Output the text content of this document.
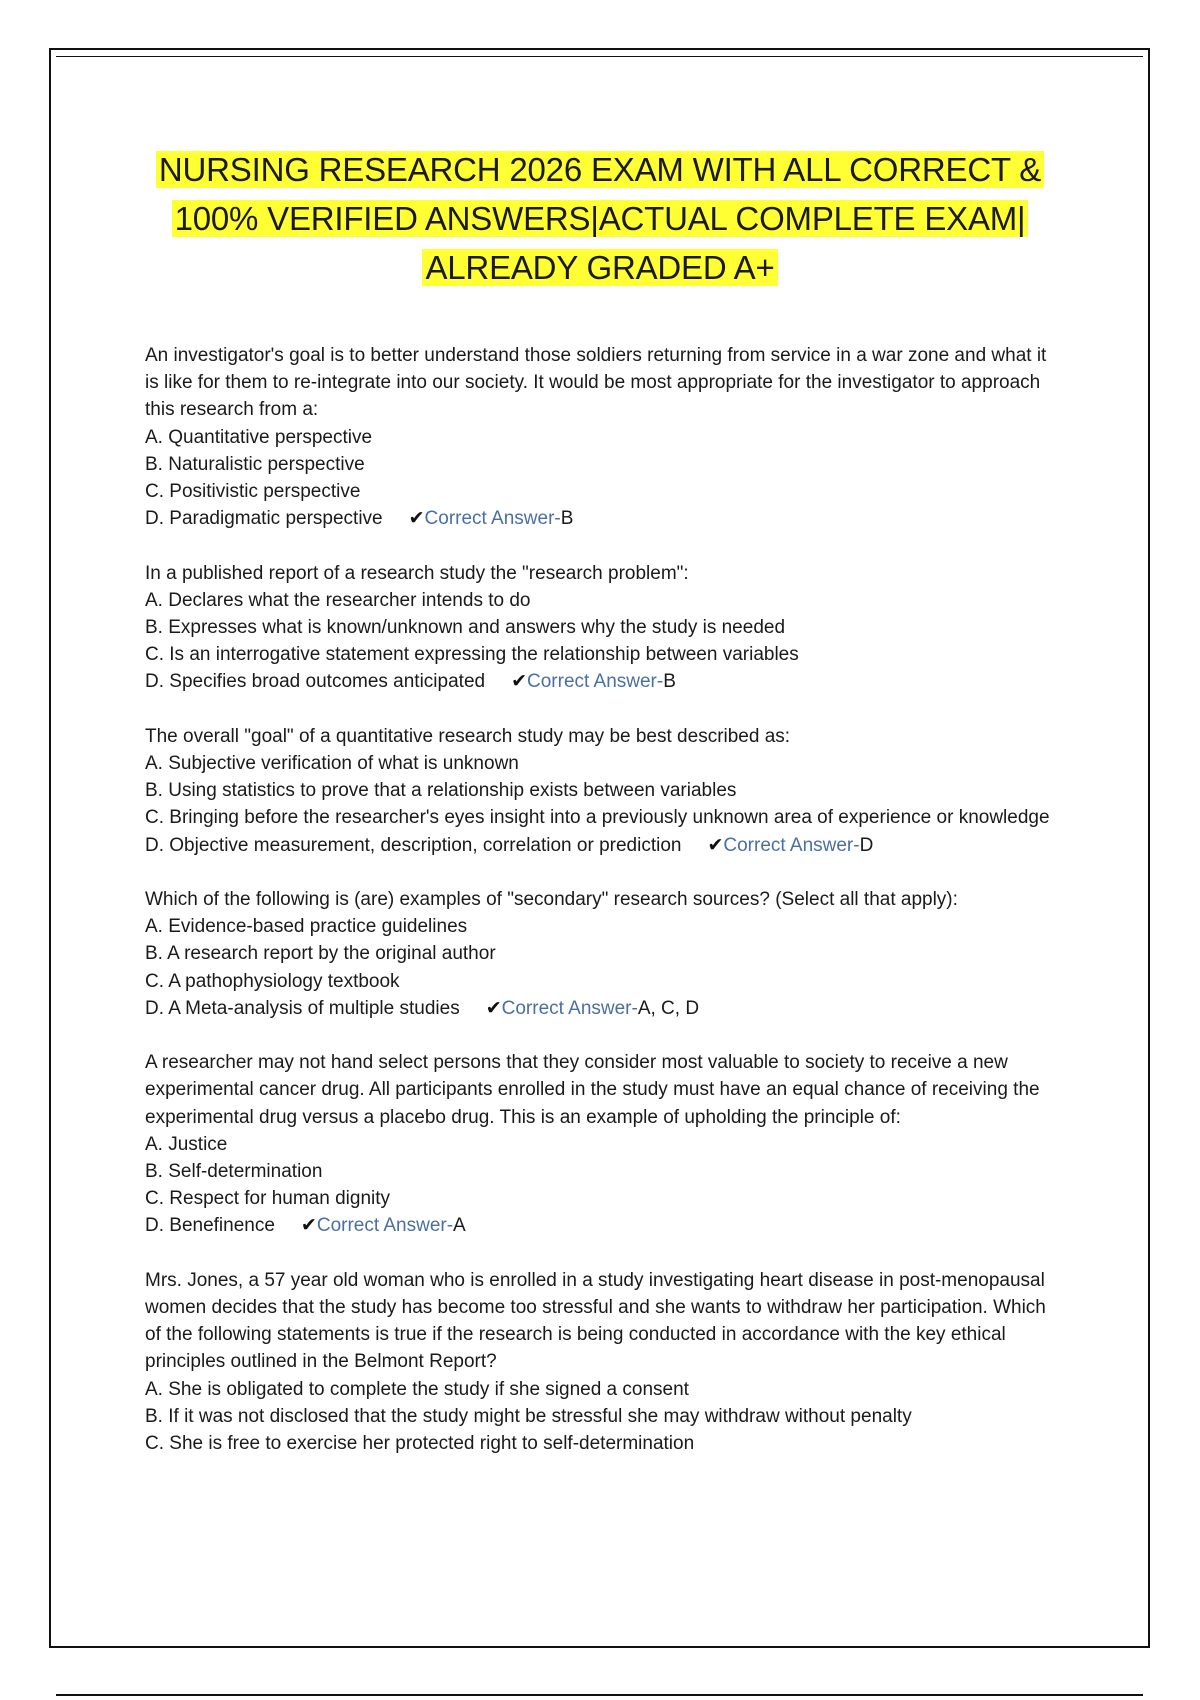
NURSING RESEARCH 2026 EXAM WITH ALL CORRECT &
100% VERIFIED ANSWERS|ACTUAL COMPLETE EXAM|
ALREADY GRADED A+

An investigator's goal is to better understand those soldiers returning from service in a war zone and what it is like for them to re-integrate into our society. It would be most appropriate for the investigator to approach this research from a:

A. Quantitative perspective

B. Naturalistic perspective

C. Positivistic perspective

D. Paradigmatic perspective ✔Correct Answer-B

In a published report of a research study the "research problem":

A. Declares what the researcher intends to do

B. Expresses what is known/unknown and answers why the study is needed

C. Is an interrogative statement expressing the relationship between variables

D. Specifies broad outcomes anticipated ✔Correct Answer-B

The overall "goal" of a quantitative research study may be best described as:

A. Subjective verification of what is unknown

B. Using statistics to prove that a relationship exists between variables

C. Bringing before the researcher's eyes insight into a previously unknown area of experience or knowledge

D. Objective measurement, description, correlation or prediction ✔Correct Answer-D

Which of the following is (are) examples of "secondary" research sources? (Select all that apply):

A. Evidence-based practice guidelines

B. A research report by the original author

C. A pathophysiology textbook

D. A Meta-analysis of multiple studies ✔Correct Answer-A, C, D

A researcher may not hand select persons that they consider most valuable to society to receive a new experimental cancer drug. All participants enrolled in the study must have an equal chance of receiving the experimental drug versus a placebo drug. This is an example of upholding the principle of:

A. Justice

B. Self-determination

C. Respect for human dignity

D. Benefinence ✔Correct Answer-A

Mrs. Jones, a 57 year old woman who is enrolled in a study investigating heart disease in post-menopausal women decides that the study has become too stressful and she wants to withdraw her participation. Which of the following statements is true if the research is being conducted in accordance with the key ethical principles outlined in the Belmont Report?

A. She is obligated to complete the study if she signed a consent

B. If it was not disclosed that the study might be stressful she may withdraw without penalty

C. She is free to exercise her protected right to self-determination
